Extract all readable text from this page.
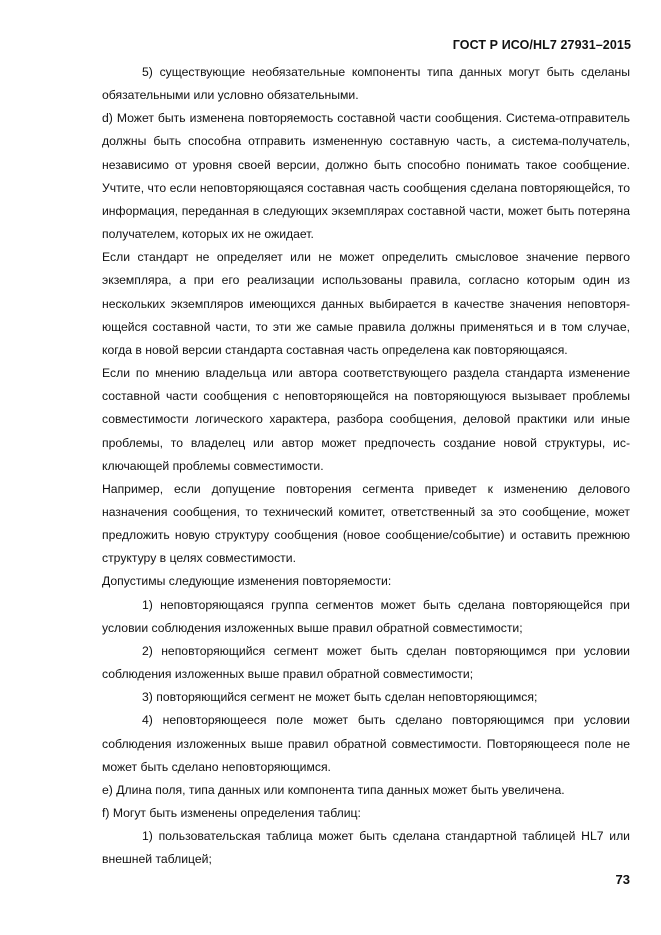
ГОСТ Р ИСО/HL7 27931–2015

5) существующие необязательные компоненты типа данных могут быть сделаны обязательными или условно обязательными.

d) Может быть изменена повторяемость составной части сообщения. Система-отправитель должны быть способна отправить измененную составную часть, а система-получатель, независимо от уровня своей версии, должно быть способно понимать такое сообщение. Учтите, что если неповторяющаяся составная часть сообщения сделана повторяющейся, то информация, переданная в следующих экземплярах составной части, может быть потеряна получателем, которых их не ожидает.

Если стандарт не определяет или не может определить смысловое значение первого экземпляра, а при его реализации использованы правила, согласно которым один из нескольких экземпляров имеющихся данных выбирается в качестве значения неповторяющейся составной части, то эти же самые правила должны применяться и в том случае, когда в новой версии стандарта составная часть определена как повторяющаяся.

Если по мнению владельца или автора соответствующего раздела стандарта изменение составной части сообщения с неповторяющейся на повторяющуюся вызывает проблемы совместимости логического характера, разбора сообщения, деловой практики или иные проблемы, то владелец или автор может предпочесть создание новой структуры, исключающей проблемы совместимости.

Например, если допущение повторения сегмента приведет к изменению делового назначения сообщения, то технический комитет, ответственный за это сообщение, может предложить новую структуру сообщения (новое сообщение/событие) и оставить прежнюю структуру в целях совместимости.

Допустимы следующие изменения повторяемости:

1) неповторяющаяся группа сегментов может быть сделана повторяющейся при условии соблюдения изложенных выше правил обратной совместимости;

2) неповторяющийся сегмент может быть сделан повторяющимся при условии соблюдения изложенных выше правил обратной совместимости;

3) повторяющийся сегмент не может быть сделан неповторяющимся;

4) неповторяющееся поле может быть сделано повторяющимся при условии соблюдения изложенных выше правил обратной совместимости. Повторяющееся поле не может быть сделано неповторяющимся.

e) Длина поля, типа данных или компонента типа данных может быть увеличена.

f) Могут быть изменены определения таблиц:

1) пользовательская таблица может быть сделана стандартной таблицей HL7 или внешней таблицей;

73
